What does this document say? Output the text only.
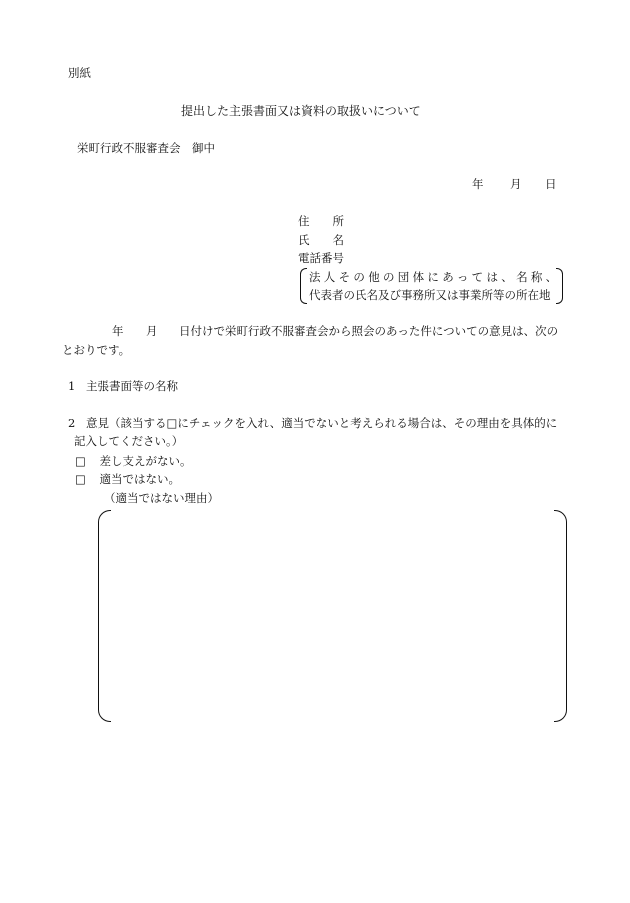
別紙
提出した主張書面又は資料の取扱いについて
栄町行政不服審査会　御中
年 月 日
住　　所
氏　　名
電話番号
法人その他の団体にあっては、名称、
代表者の氏名及び事務所又は事業所等の所在地
年 月 日付けで栄町行政不服審査会から照会のあった件についての意見は、次の
とおりです。
1 主張書面等の名称
2 意見（該当する□にチェックを入れ、適当でないと考えられる場合は、その理由を具体的に
記入してください。）
□ 差し支えがない。
□ 適当ではない。
（適当ではない理由）
